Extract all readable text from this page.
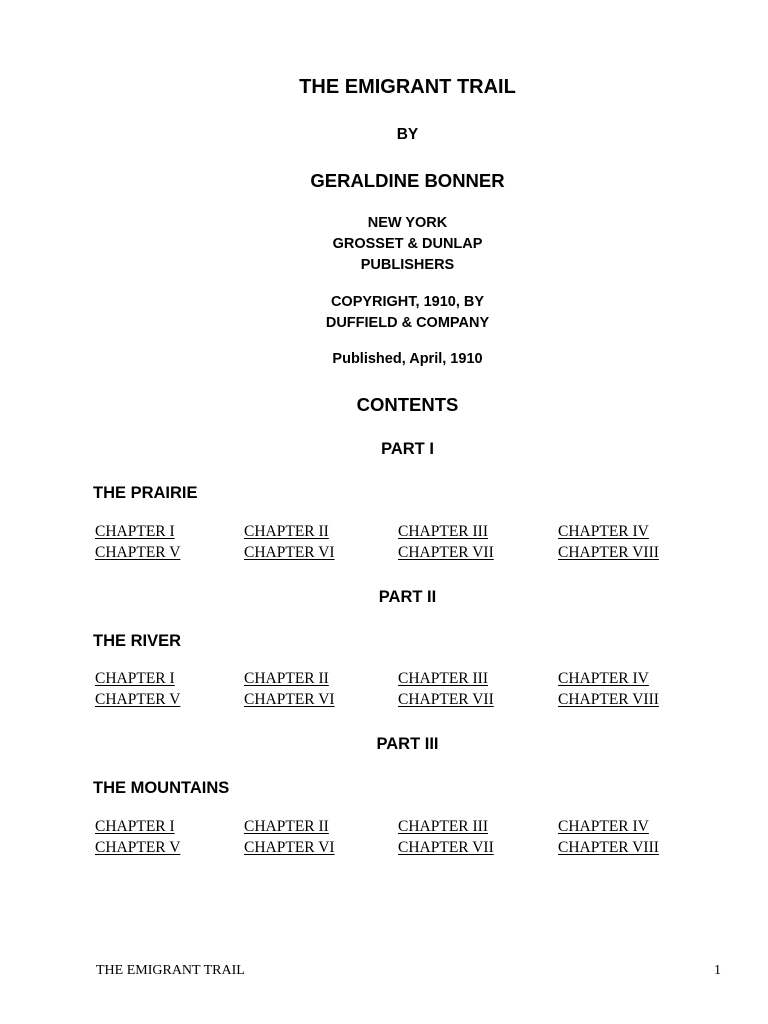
THE EMIGRANT TRAIL
BY
GERALDINE BONNER
NEW YORK
GROSSET & DUNLAP
PUBLISHERS
COPYRIGHT, 1910, BY
DUFFIELD & COMPANY
Published, April, 1910
CONTENTS
PART I
THE PRAIRIE
CHAPTER I	CHAPTER II	CHAPTER III	CHAPTER IV
CHAPTER V	CHAPTER VI	CHAPTER VII	CHAPTER VIII
PART II
THE RIVER
CHAPTER I	CHAPTER II	CHAPTER III	CHAPTER IV
CHAPTER V	CHAPTER VI	CHAPTER VII	CHAPTER VIII
PART III
THE MOUNTAINS
CHAPTER I	CHAPTER II	CHAPTER III	CHAPTER IV
CHAPTER V	CHAPTER VI	CHAPTER VII	CHAPTER VIII
THE EMIGRANT TRAIL	1
